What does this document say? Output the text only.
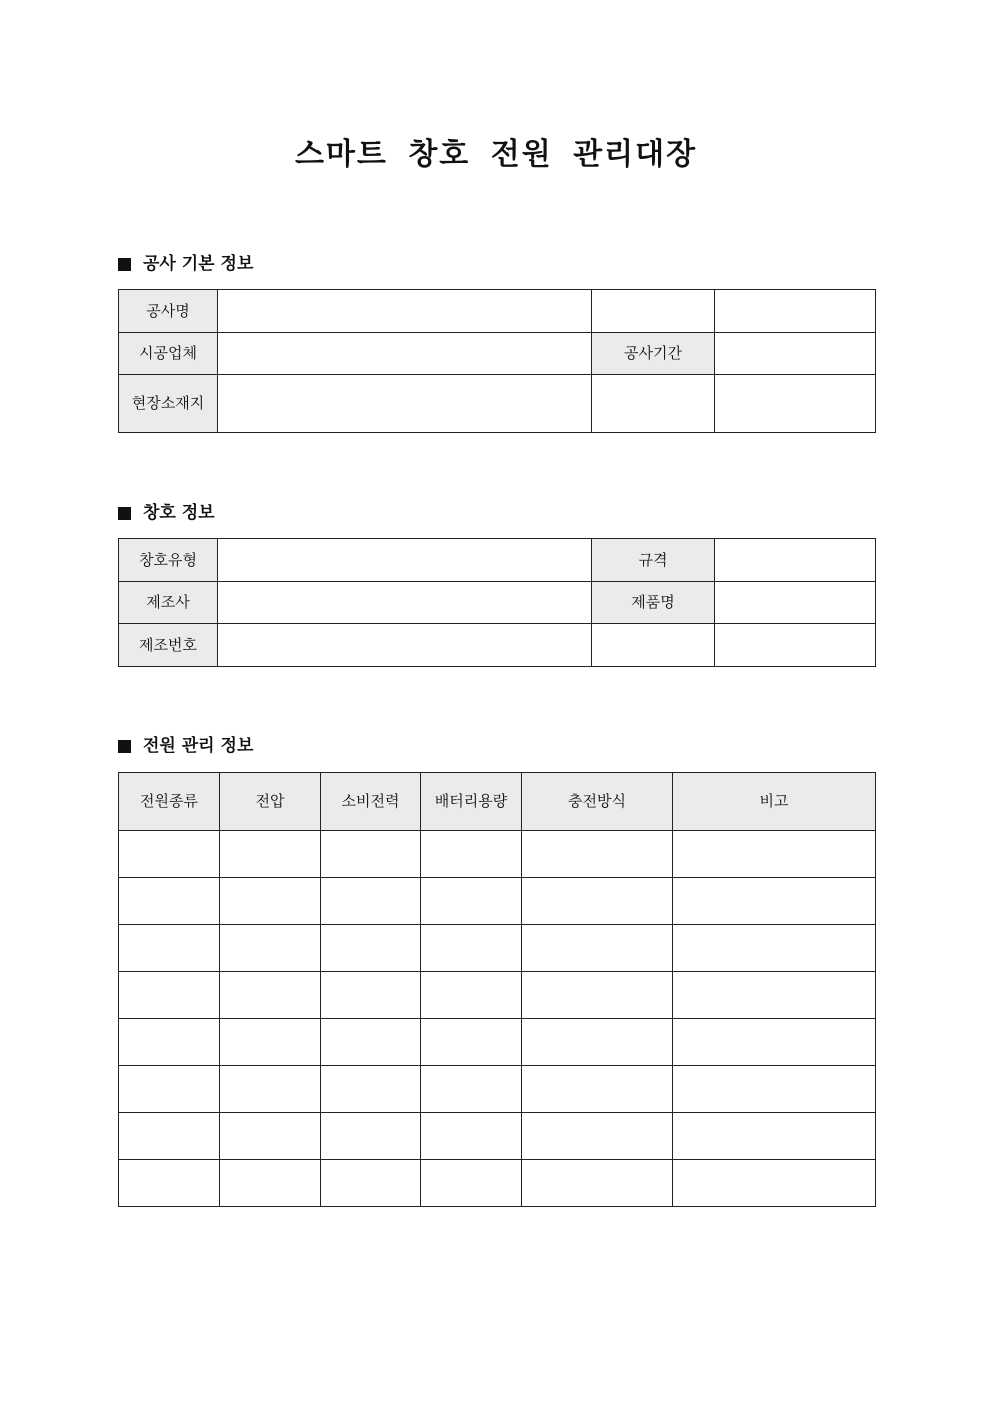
스마트 창호 전원 관리대장
공사 기본 정보
공사명			
시공업체		공사기간	
현장소재지			
창호 정보
창호유형		규격	
제조사		제품명	
제조번호			
전원 관리 정보
전원종류	전압	소비전력	배터리용량	충전방식	비고
